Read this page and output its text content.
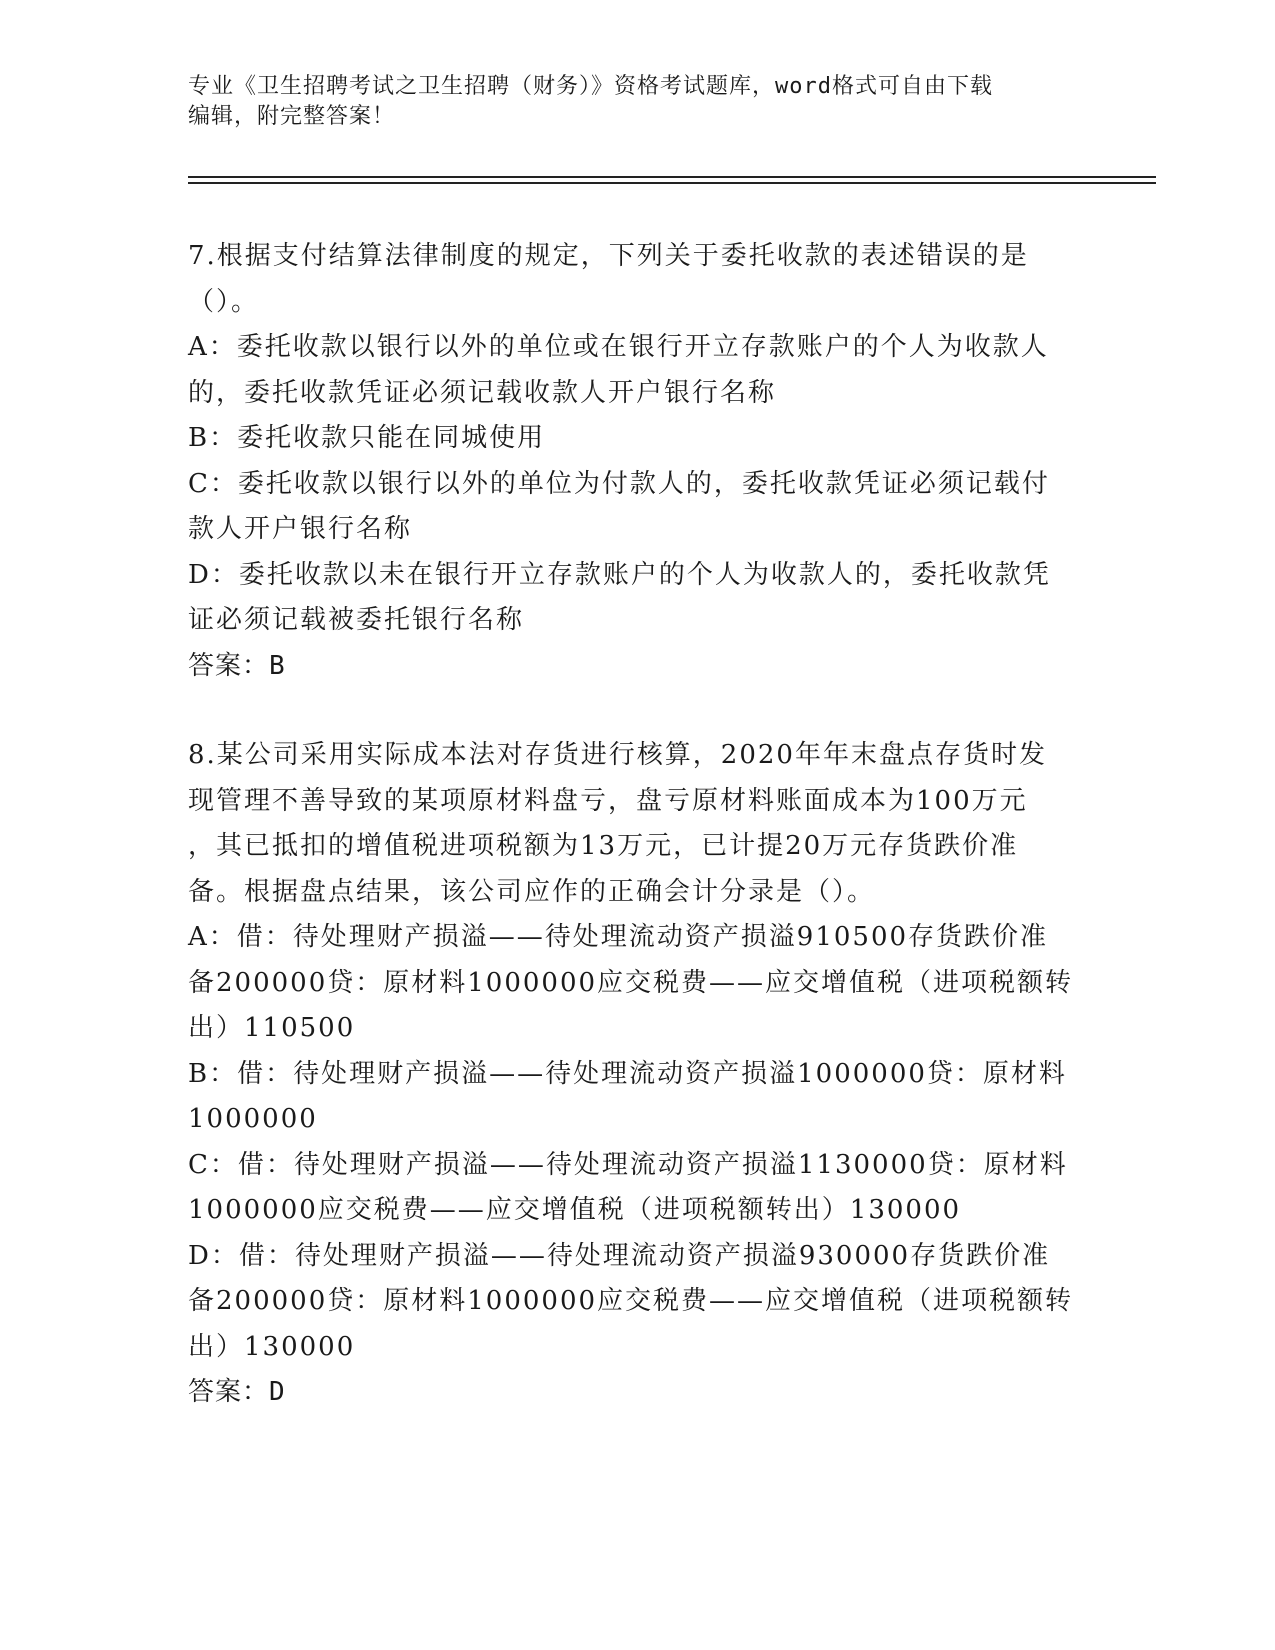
专业《卫生招聘考试之卫生招聘（财务）》资格考试题库，word格式可自由下载
编辑，附完整答案！

7.根据支付结算法律制度的规定，下列关于委托收款的表述错误的是

（）。

A：委托收款以银行以外的单位或在银行开立存款账户的个人为收款人

的，委托收款凭证必须记载收款人开户银行名称

B：委托收款只能在同城使用

C：委托收款以银行以外的单位为付款人的，委托收款凭证必须记载付

款人开户银行名称

D：委托收款以未在银行开立存款账户的个人为收款人的，委托收款凭

证必须记载被委托银行名称

答案：B

8.某公司采用实际成本法对存货进行核算，2020年年末盘点存货时发

现管理不善导致的某项原材料盘亏，盘亏原材料账面成本为100万元

，其已抵扣的增值税进项税额为13万元，已计提20万元存货跌价准

备。根据盘点结果，该公司应作的正确会计分录是（）。

A：借：待处理财产损溢——待处理流动资产损溢910500存货跌价准

备200000贷：原材料1000000应交税费——应交增值税（进项税额转

出）110500

B：借：待处理财产损溢——待处理流动资产损溢1000000贷：原材料

1000000

C：借：待处理财产损溢——待处理流动资产损溢1130000贷：原材料

1000000应交税费——应交增值税（进项税额转出）130000

D：借：待处理财产损溢——待处理流动资产损溢930000存货跌价准

备200000贷：原材料1000000应交税费——应交增值税（进项税额转

出）130000

答案：D
